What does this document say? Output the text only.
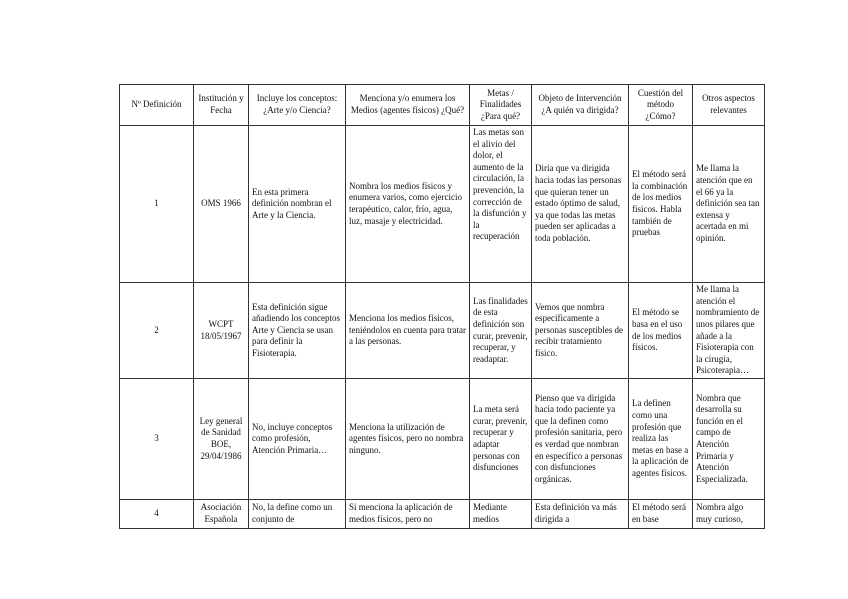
Nº Definición	Institución y Fecha	Incluye los conceptos: ¿Arte y/o Ciencia?	Menciona y/o enumera los Medios (agentes físicos) ¿Qué?	Metas / Finalidades ¿Para qué?	Objeto de Intervención ¿A quién va dirigida?	Cuestión del método ¿Cómo?	Otros aspectos relevantes
1	OMS 1966	En esta primera definición nombran el Arte y la Ciencia.	Nombra los medios físicos y enumera varios, como ejercicio terapéutico, calor, frío, agua, luz, masaje y electricidad.	Las metas son el alivio del dolor, el aumento de la circulación, la prevención, la corrección de la disfunción y la recuperación	Diría que va dirigida hacia todas las personas que quieran tener un estado óptimo de salud, ya que todas las metas pueden ser aplicadas a toda población.	El método será la combinación de los medios físicos. Habla también de pruebas	Me llama la atención que en el 66 ya la definición sea tan extensa y acertada en mi opinión.
2	WCPT 18/05/1967	Esta definición sigue añadiendo los conceptos Arte y Ciencia se usan para definir la Fisioterapia.	Menciona los medios físicos, teniéndolos en cuenta para tratar a las personas.	Las finalidades de esta definición son curar, prevenir, recuperar, y readaptar.	Vemos que nombra específicamente a personas susceptibles de recibir tratamiento físico.	El método se basa en el uso de los medios físicos.	Me llama la atención el nombramiento de unos pilares que añade a la Fisioterapia con la cirugía, Psicoterapia…
3	Ley general de Sanidad BOE, 29/04/1986	No, incluye conceptos como profesión, Atención Primaria…	Menciona la utilización de agentes físicos, pero no nombra ninguno.	La meta será curar, prevenir, recuperar y adaptar personas con disfunciones	Pienso que va dirigida hacia todo paciente ya que la definen como profesión sanitaria, pero es verdad que nombran en específico a personas con disfunciones orgánicas.	La definen como una profesión que realiza las metas en base a la aplicación de agentes físicos.	Nombra que desarrolla su función en el campo de Atención Primaria y Atención Especializada.
4	Asociación Española	No, la define como un conjunto de	Si menciona la aplicación de medios físicos, pero no	Mediante medios	Esta definición va más dirigida a	El método será en base	Nombra algo muy curioso,
